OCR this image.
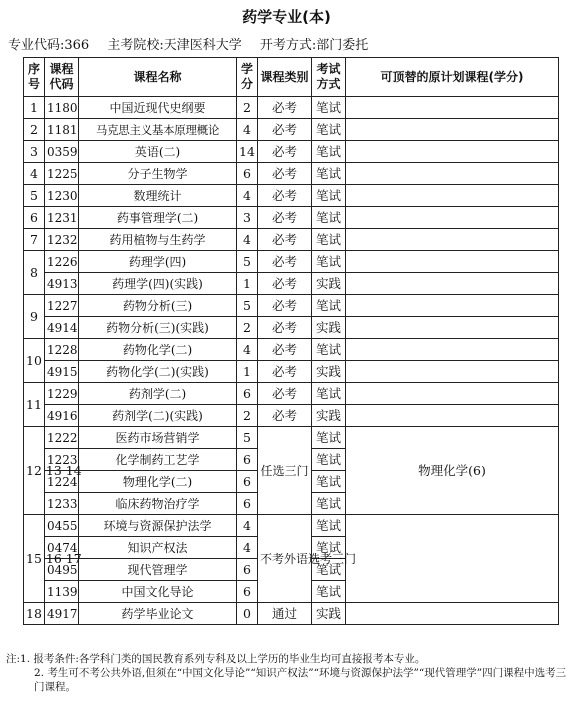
药学专业(本)
专业代码:366 主考院校:天津医科大学 开考方式:部门委托
序号	课程代码	课程名称	学分	课程类别	考试方式	可顶替的原计划课程(学分)
1	1180	中国近现代史纲要	2	必考	笔试	
2	1181	马克思主义基本原理概论	4	必考	笔试	
3	0359	英语(二)	14	必考	笔试	
4	1225	分子生物学	6	必考	笔试	
5	1230	数理统计	4	必考	笔试	
6	1231	药事管理学(二)	3	必考	笔试	
7	1232	药用植物与生药学	4	必考	笔试	
8	1226	药理学(四)	5	必考	笔试	
	4913	药理学(四)(实践)	1	必考	实践	
9	1227	药物分析(三)	5	必考	笔试	
	4914	药物分析(三)(实践)	2	必考	实践	
10	1228	药物化学(二)	4	必考	笔试	
	4915	药物化学(二)(实践)	1	必考	实践	
11	1229	药剂学(二)	6	必考	笔试	
	4916	药剂学(二)(实践)	2	必考	实践	
12 13 14	1222	医药市场营销学	5	任选三门	笔试	物理化学(6)
	1223	化学制药工艺学	6		笔试	
	1224	物理化学(二)	6		笔试	
	1233	临床药物治疗学	6		笔试	
15 16 17	0455	环境与资源保护法学	4	不考外语选考三门	笔试	
	0474	知识产权法	4		笔试	
	0495	现代管理学	6		笔试	
	1139	中国文化导论	6		笔试	
18	4917	药学毕业论文	0	通过	实践	
注:1. 报考条件:各学科门类的国民教育系列专科及以上学历的毕业生均可直接报考本专业。
2. 考生可不考公共外语,但须在“中国文化导论”“知识产权法”“环境与资源保护法学”“现代管理学”四门课程中选考三门课程。
